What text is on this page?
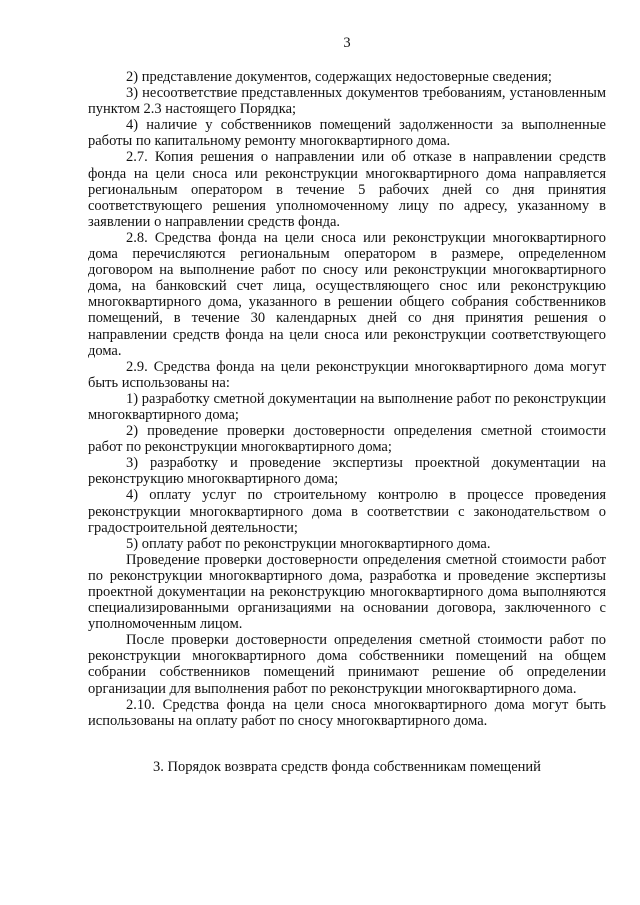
3

2) представление документов, содержащих недостоверные сведения;

3) несоответствие представленных документов требованиям, установленным пунктом 2.3 настоящего Порядка;

4) наличие у собственников помещений задолженности за выполненные работы по капитальному ремонту многоквартирного дома.

2.7. Копия решения о направлении или об отказе в направлении средств фонда на цели сноса или реконструкции многоквартирного дома направляется региональным оператором в течение 5 рабочих дней со дня принятия соответствующего решения уполномоченному лицу по адресу, указанному в заявлении о направлении средств фонда.

2.8. Средства фонда на цели сноса или реконструкции многоквартирного дома перечисляются региональным оператором в размере, определенном договором на выполнение работ по сносу или реконструкции многоквартирного дома, на банковский счет лица, осуществляющего снос или реконструкцию многоквартирного дома, указанного в решении общего собрания собственников помещений, в течение 30 календарных дней со дня принятия решения о направлении средств фонда на цели сноса или реконструкции соответствующего дома.

2.9. Средства фонда на цели реконструкции многоквартирного дома могут быть использованы на:

1) разработку сметной документации на выполнение работ по реконструкции многоквартирного дома;

2) проведение проверки достоверности определения сметной стоимости работ по реконструкции многоквартирного дома;

3) разработку и проведение экспертизы проектной документации на реконструкцию многоквартирного дома;

4) оплату услуг по строительному контролю в процессе проведения реконструкции многоквартирного дома в соответствии с законодательством о градостроительной деятельности;

5) оплату работ по реконструкции многоквартирного дома.

Проведение проверки достоверности определения сметной стоимости работ по реконструкции многоквартирного дома, разработка и проведение экспертизы проектной документации на реконструкцию многоквартирного дома выполняются специализированными организациями на основании договора, заключенного с уполномоченным лицом.

После проверки достоверности определения сметной стоимости работ по реконструкции многоквартирного дома собственники помещений на общем собрании собственников помещений принимают решение об определении организации для выполнения работ по реконструкции многоквартирного дома.

2.10. Средства фонда на цели сноса многоквартирного дома могут быть использованы на оплату работ по сносу многоквартирного дома.

3. Порядок возврата средств фонда собственникам помещений
